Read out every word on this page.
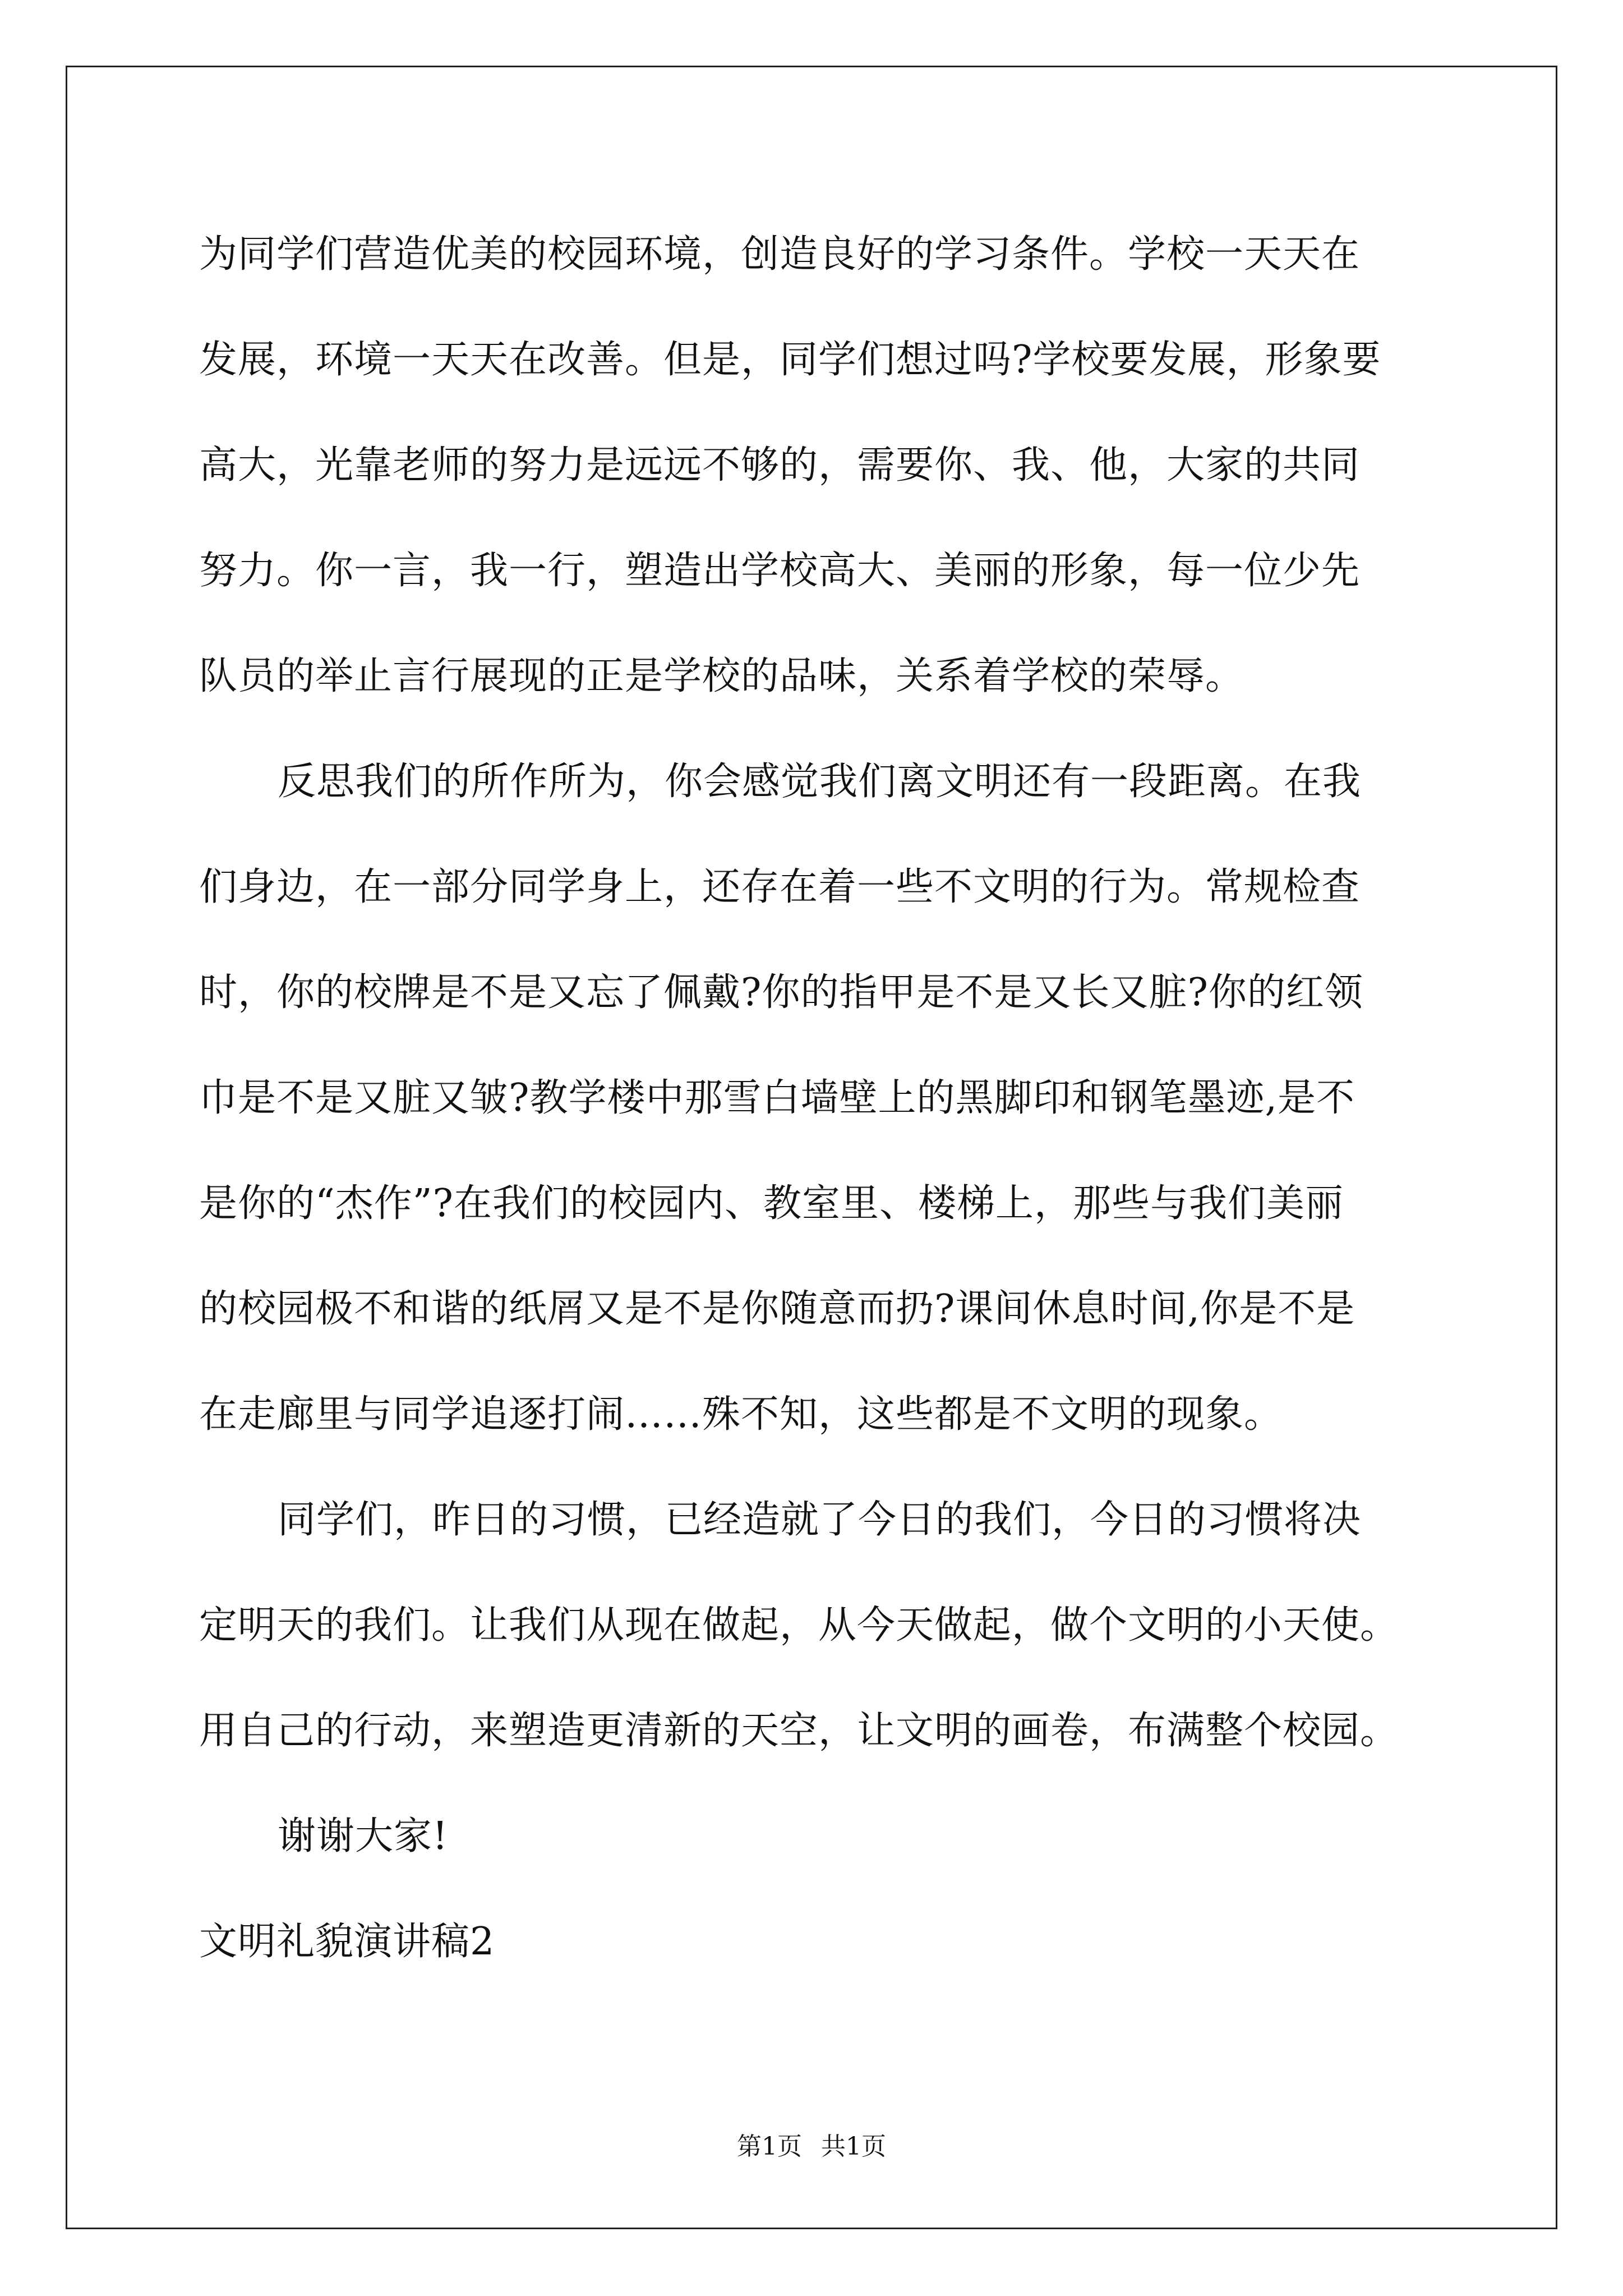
为同学们营造优美的校园环境，创造良好的学习条件。学校一天天在
发展，环境一天天在改善。但是，同学们想过吗?学校要发展，形象要
高大，光靠老师的努力是远远不够的，需要你、我、他，大家的共同
努力。你一言，我一行，塑造出学校高大、美丽的形象，每一位少先
队员的举止言行展现的正是学校的品味，关系着学校的荣辱。
反思我们的所作所为，你会感觉我们离文明还有一段距离。在我
们身边，在一部分同学身上，还存在着一些不文明的行为。常规检查
时，你的校牌是不是又忘了佩戴?你的指甲是不是又长又脏?你的红领
巾是不是又脏又皱?教学楼中那雪白墙壁上的黑脚印和钢笔墨迹,是不
是你的“杰作”?在我们的校园内、教室里、楼梯上，那些与我们美丽
的校园极不和谐的纸屑又是不是你随意而扔?课间休息时间,你是不是
在走廊里与同学追逐打闹……殊不知，这些都是不文明的现象。
同学们，昨日的习惯，已经造就了今日的我们，今日的习惯将决
定明天的我们。让我们从现在做起，从今天做起，做个文明的小天使。
用自己的行动，来塑造更清新的天空，让文明的画卷，布满整个校园。
谢谢大家!
文明礼貌演讲稿2
第1页 共1页
